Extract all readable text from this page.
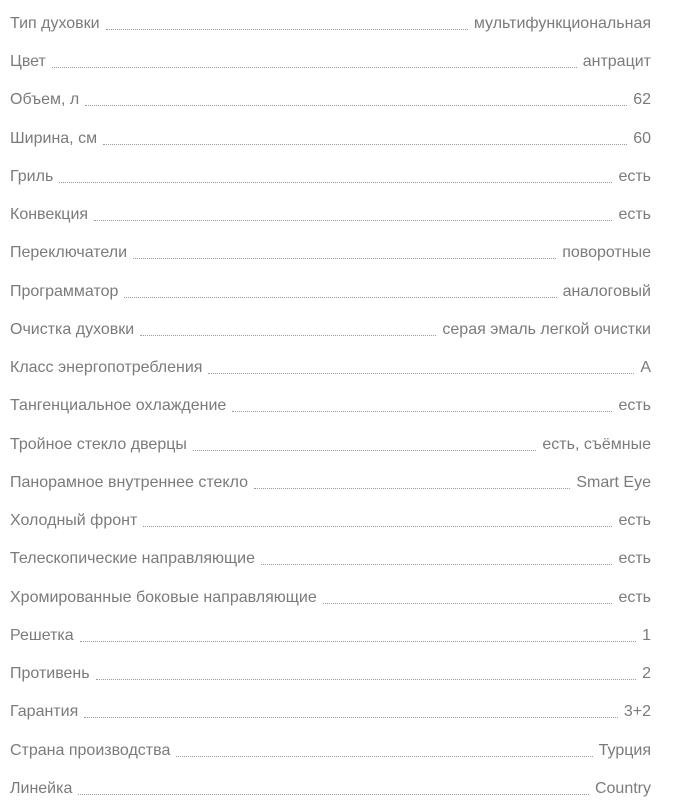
Тип духовки	мультифункциональная
Цвет	антрацит
Объем, л	62
Ширина, см	60
Гриль	есть
Конвекция	есть
Переключатели	поворотные
Программатор	аналоговый
Очистка духовки	серая эмаль легкой очистки
Класс энергопотребления	A
Тангенциальное охлаждение	есть
Тройное стекло дверцы	есть, съёмные
Панорамное внутреннее стекло	Smart Eye
Холодный фронт	есть
Телескопические направляющие	есть
Хромированные боковые направляющие	есть
Решетка	1
Противень	2
Гарантия	3+2
Страна производства	Турция
Линейка	Country
